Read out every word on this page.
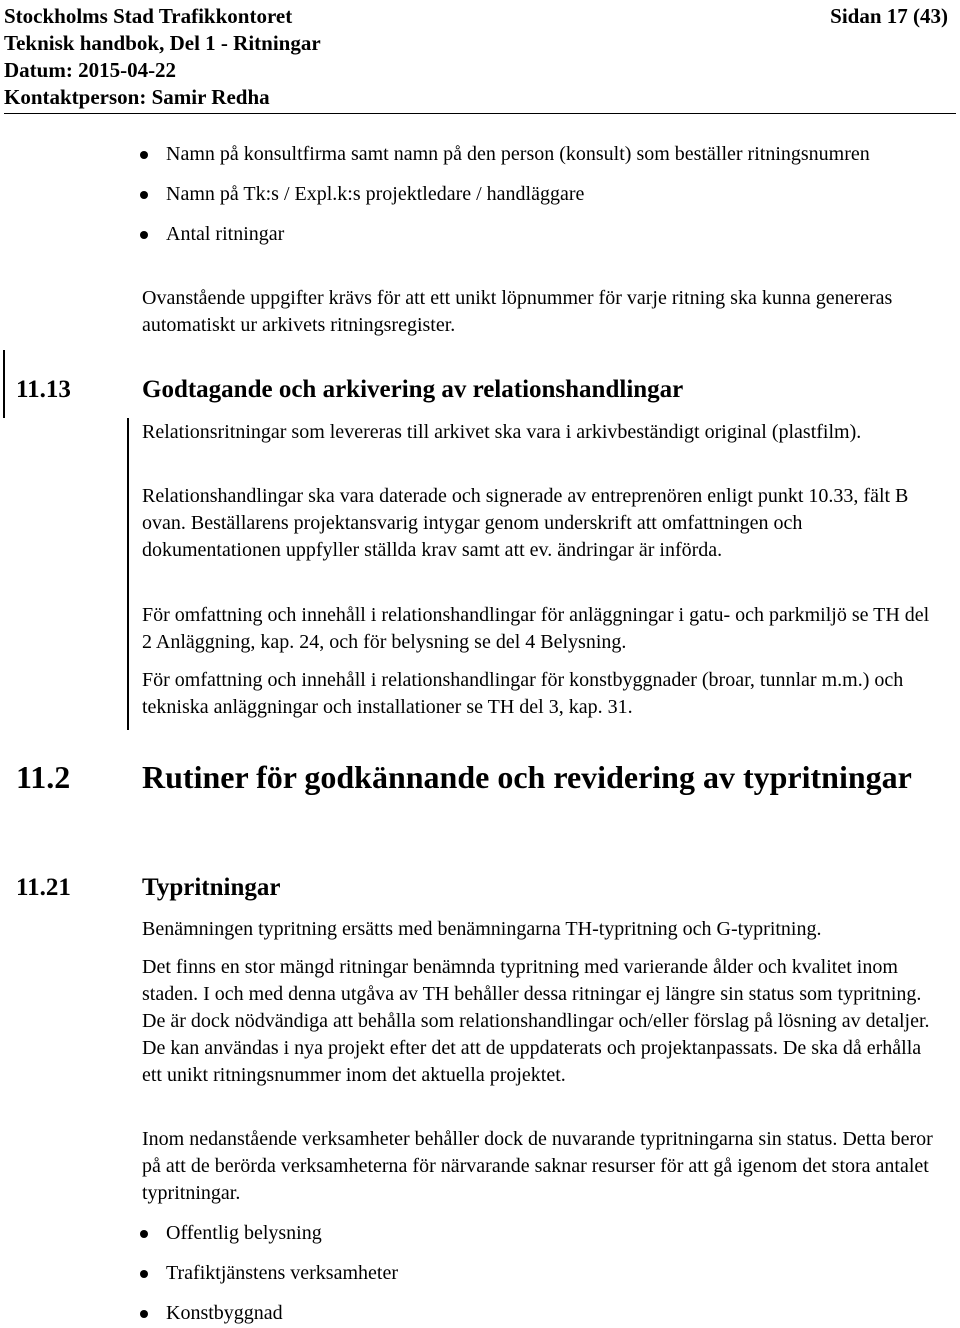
Stockholms Stad Trafikkontoret
Teknisk handbok, Del 1 - Ritningar
Datum: 2015-04-22
Kontaktperson: Samir Redha
Sidan 17 (43)
Namn på konsultfirma samt namn på den person (konsult) som beställer ritningsnumren
Namn på Tk:s / Expl.k:s projektledare / handläggare
Antal ritningar
Ovanstående uppgifter krävs för att ett unikt löpnummer för varje ritning ska kunna genereras automatiskt ur arkivets ritningsregister.
11.13	Godtagande och arkivering av relationshandlingar
Relationsritningar som levereras till arkivet ska vara i arkivbeständigt original (plastfilm).
Relationshandlingar ska vara daterade och signerade av entreprenören enligt punkt 10.33, fält B ovan. Beställarens projektansvarig intygar genom underskrift att omfattningen och dokumentationen uppfyller ställda krav samt att ev. ändringar är införda.
För omfattning och innehåll i relationshandlingar för anläggningar i gatu- och parkmiljö se TH del 2 Anläggning, kap. 24, och för belysning se del 4 Belysning.
För omfattning och innehåll i relationshandlingar för konstbyggnader (broar, tunnlar m.m.) och tekniska anläggningar och installationer se TH del 3, kap. 31.
11.2 Rutiner för godkännande och revidering av typritningar
11.21	Typritningar
Benämningen typritning ersätts med benämningarna TH-typritning och G-typritning.
Det finns en stor mängd ritningar benämnda typritning med varierande ålder och kvalitet inom staden. I och med denna utgåva av TH behåller dessa ritningar ej längre sin status som typritning. De är dock nödvändiga att behålla som relationshandlingar och/eller förslag på lösning av detaljer. De kan användas i nya projekt efter det att de uppdaterats och projektanpassats. De ska då erhålla ett unikt ritningsnummer inom det aktuella projektet.
Inom nedanstående verksamheter behåller dock de nuvarande typritningarna sin status. Detta beror på att de berörda verksamheterna för närvarande saknar resurser för att gå igenom det stora antalet typritningar.
Offentlig belysning
Trafiktjänstens verksamheter
Konstbyggnad
